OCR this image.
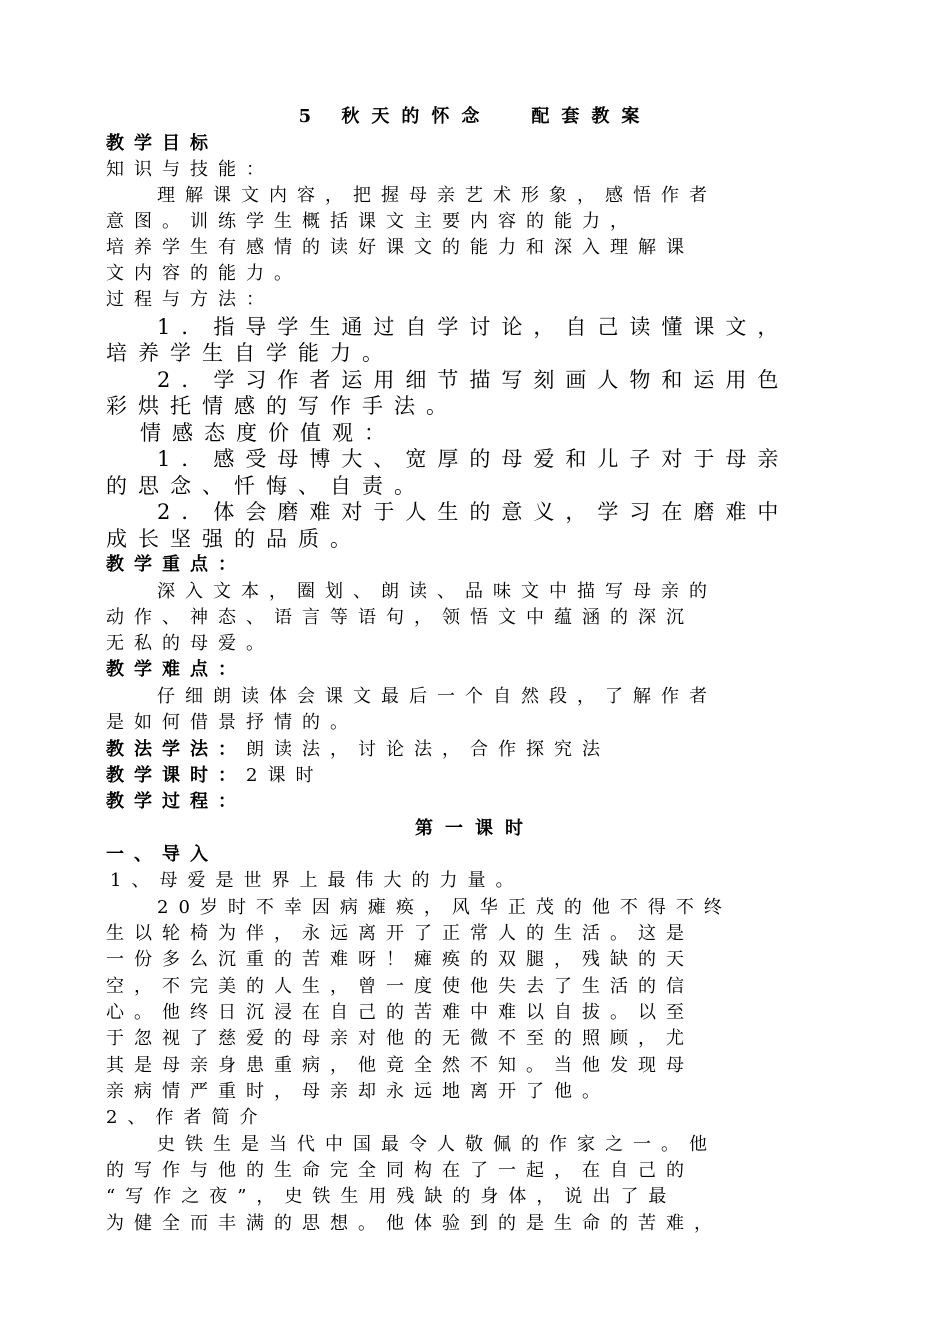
5 秋天的怀念 配套教案
教学目标
知识与技能：
理解课文内容，把握母亲艺术形象，感悟作者
意图。训练学生概括课文主要内容的能力，
培养学生有感情的读好课文的能力和深入理解课
文内容的能力。
过程与方法：
1．指导学生通过自学讨论，自己读懂课文，
培养学生自学能力。
2．学习作者运用细节描写刻画人物和运用色
彩烘托情感的写作手法。
情感态度价值观：
1．感受母博大、宽厚的母爱和儿子对于母亲
的思念、忏悔、自责。
2．体会磨难对于人生的意义，学习在磨难中
成长坚强的品质。
教学重点：
深入文本，圈划、朗读、品味文中描写母亲的
动作、神态、语言等语句，领悟文中蕴涵的深沉
无私的母爱。
教学难点：
仔细朗读体会课文最后一个自然段，了解作者
是如何借景抒情的。
教法学法：朗读法，讨论法，合作探究法
教学课时：2课时
教学过程：
第一课时
一、导入
1、母爱是世界上最伟大的力量。
20岁时不幸因病瘫痪，风华正茂的他不得不终
生以轮椅为伴，永远离开了正常人的生活。这是
一份多么沉重的苦难呀！瘫痪的双腿，残缺的天
空，不完美的人生，曾一度使他失去了生活的信
心。他终日沉浸在自己的苦难中难以自拔。以至
于忽视了慈爱的母亲对他的无微不至的照顾，尤
其是母亲身患重病，他竟全然不知。当他发现母
亲病情严重时，母亲却永远地离开了他。
2、作者简介
史铁生是当代中国最令人敬佩的作家之一。他
的写作与他的生命完全同构在了一起，在自己的
“写作之夜”，史铁生用残缺的身体，说出了最
为健全而丰满的思想。他体验到的是生命的苦难，
